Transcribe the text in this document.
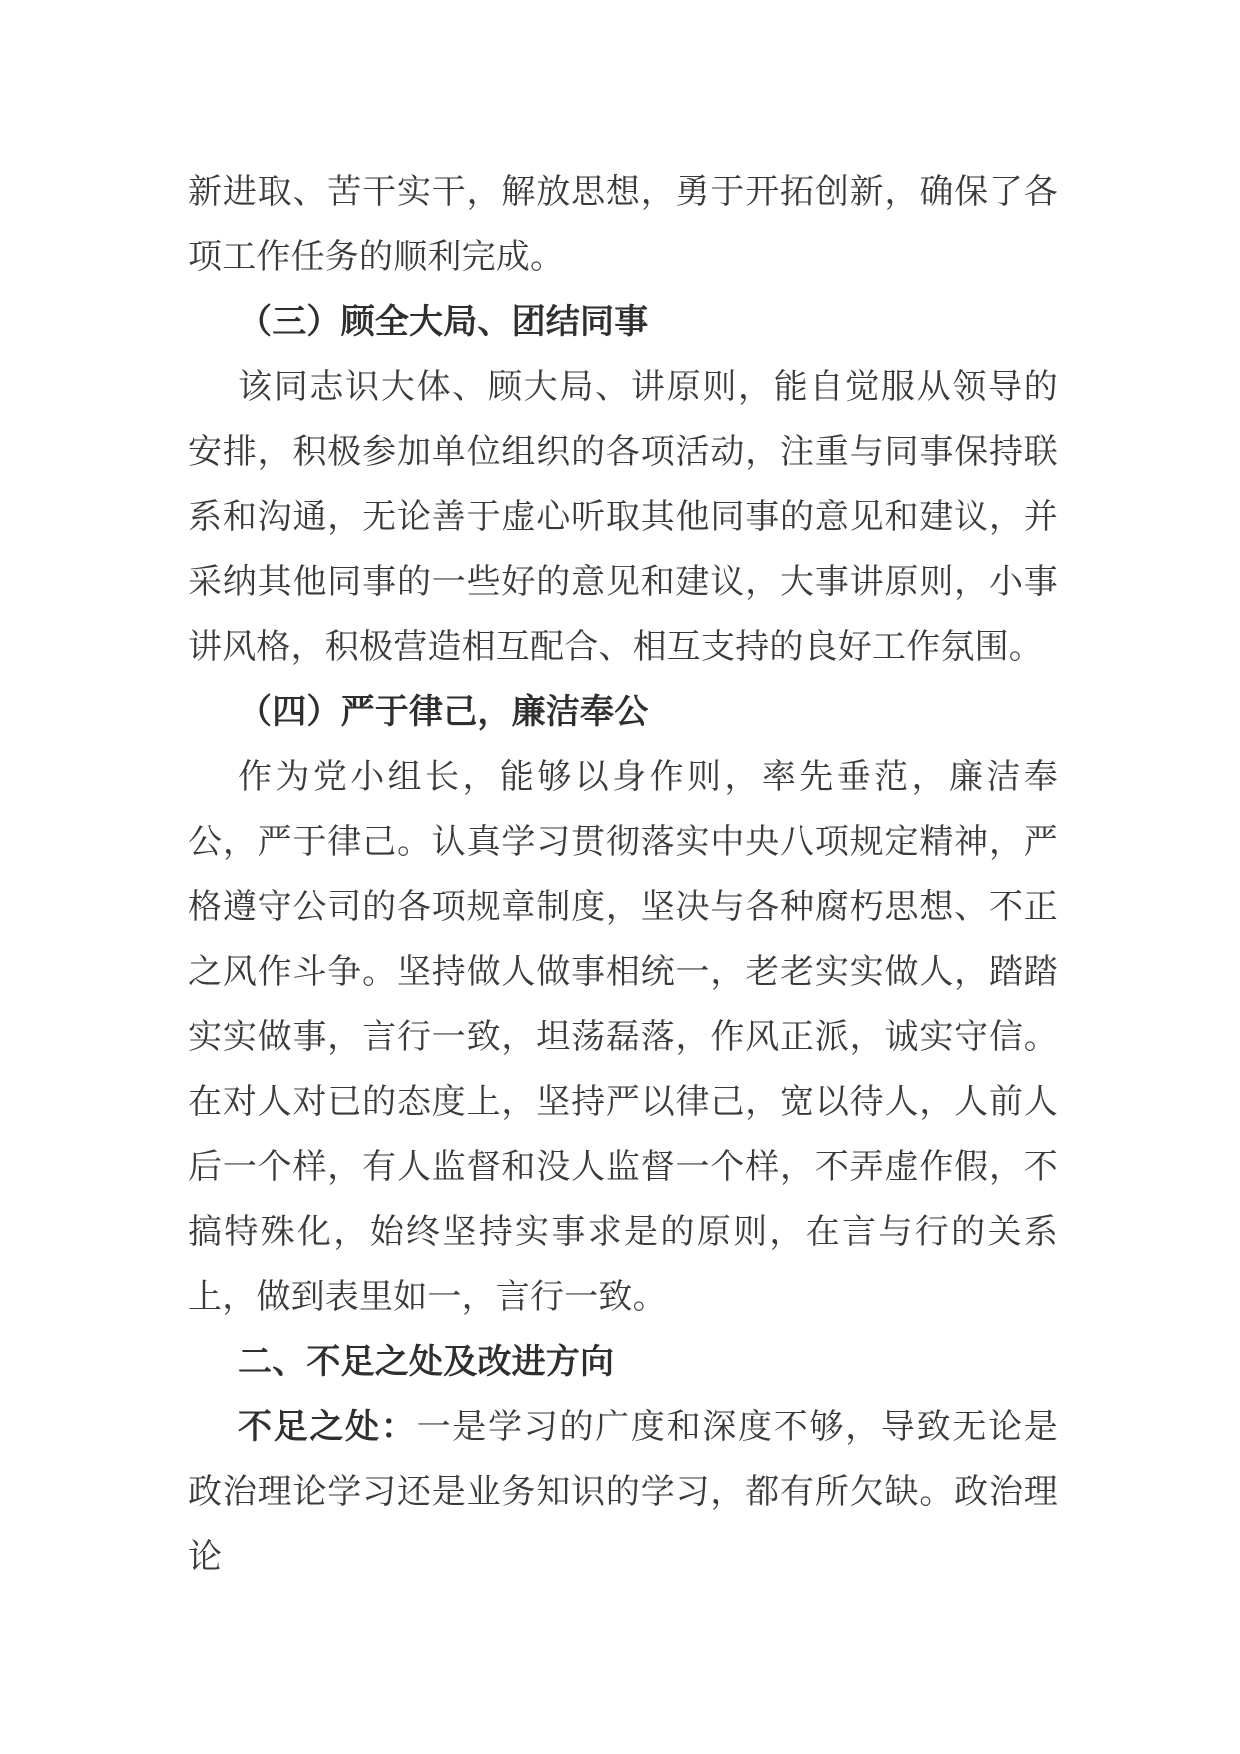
新进取、苦干实干，解放思想，勇于开拓创新，确保了各项工作任务的顺利完成。

（三）顾全大局、团结同事

该同志识大体、顾大局、讲原则，能自觉服从领导的安排，积极参加单位组织的各项活动，注重与同事保持联系和沟通，无论善于虚心听取其他同事的意见和建议，并采纳其他同事的一些好的意见和建议，大事讲原则，小事讲风格，积极营造相互配合、相互支持的良好工作氛围。

（四）严于律己，廉洁奉公

作为党小组长，能够以身作则，率先垂范，廉洁奉公，严于律己。认真学习贯彻落实中央八项规定精神，严格遵守公司的各项规章制度，坚决与各种腐朽思想、不正之风作斗争。坚持做人做事相统一，老老实实做人，踏踏实实做事，言行一致，坦荡磊落，作风正派，诚实守信。在对人对已的态度上，坚持严以律己，宽以待人，人前人后一个样，有人监督和没人监督一个样，不弄虚作假，不搞特殊化，始终坚持实事求是的原则，在言与行的关系上，做到表里如一，言行一致。

二、不足之处及改进方向

不足之处：一是学习的广度和深度不够，导致无论是政治理论学习还是业务知识的学习，都有所欠缺。政治理论
